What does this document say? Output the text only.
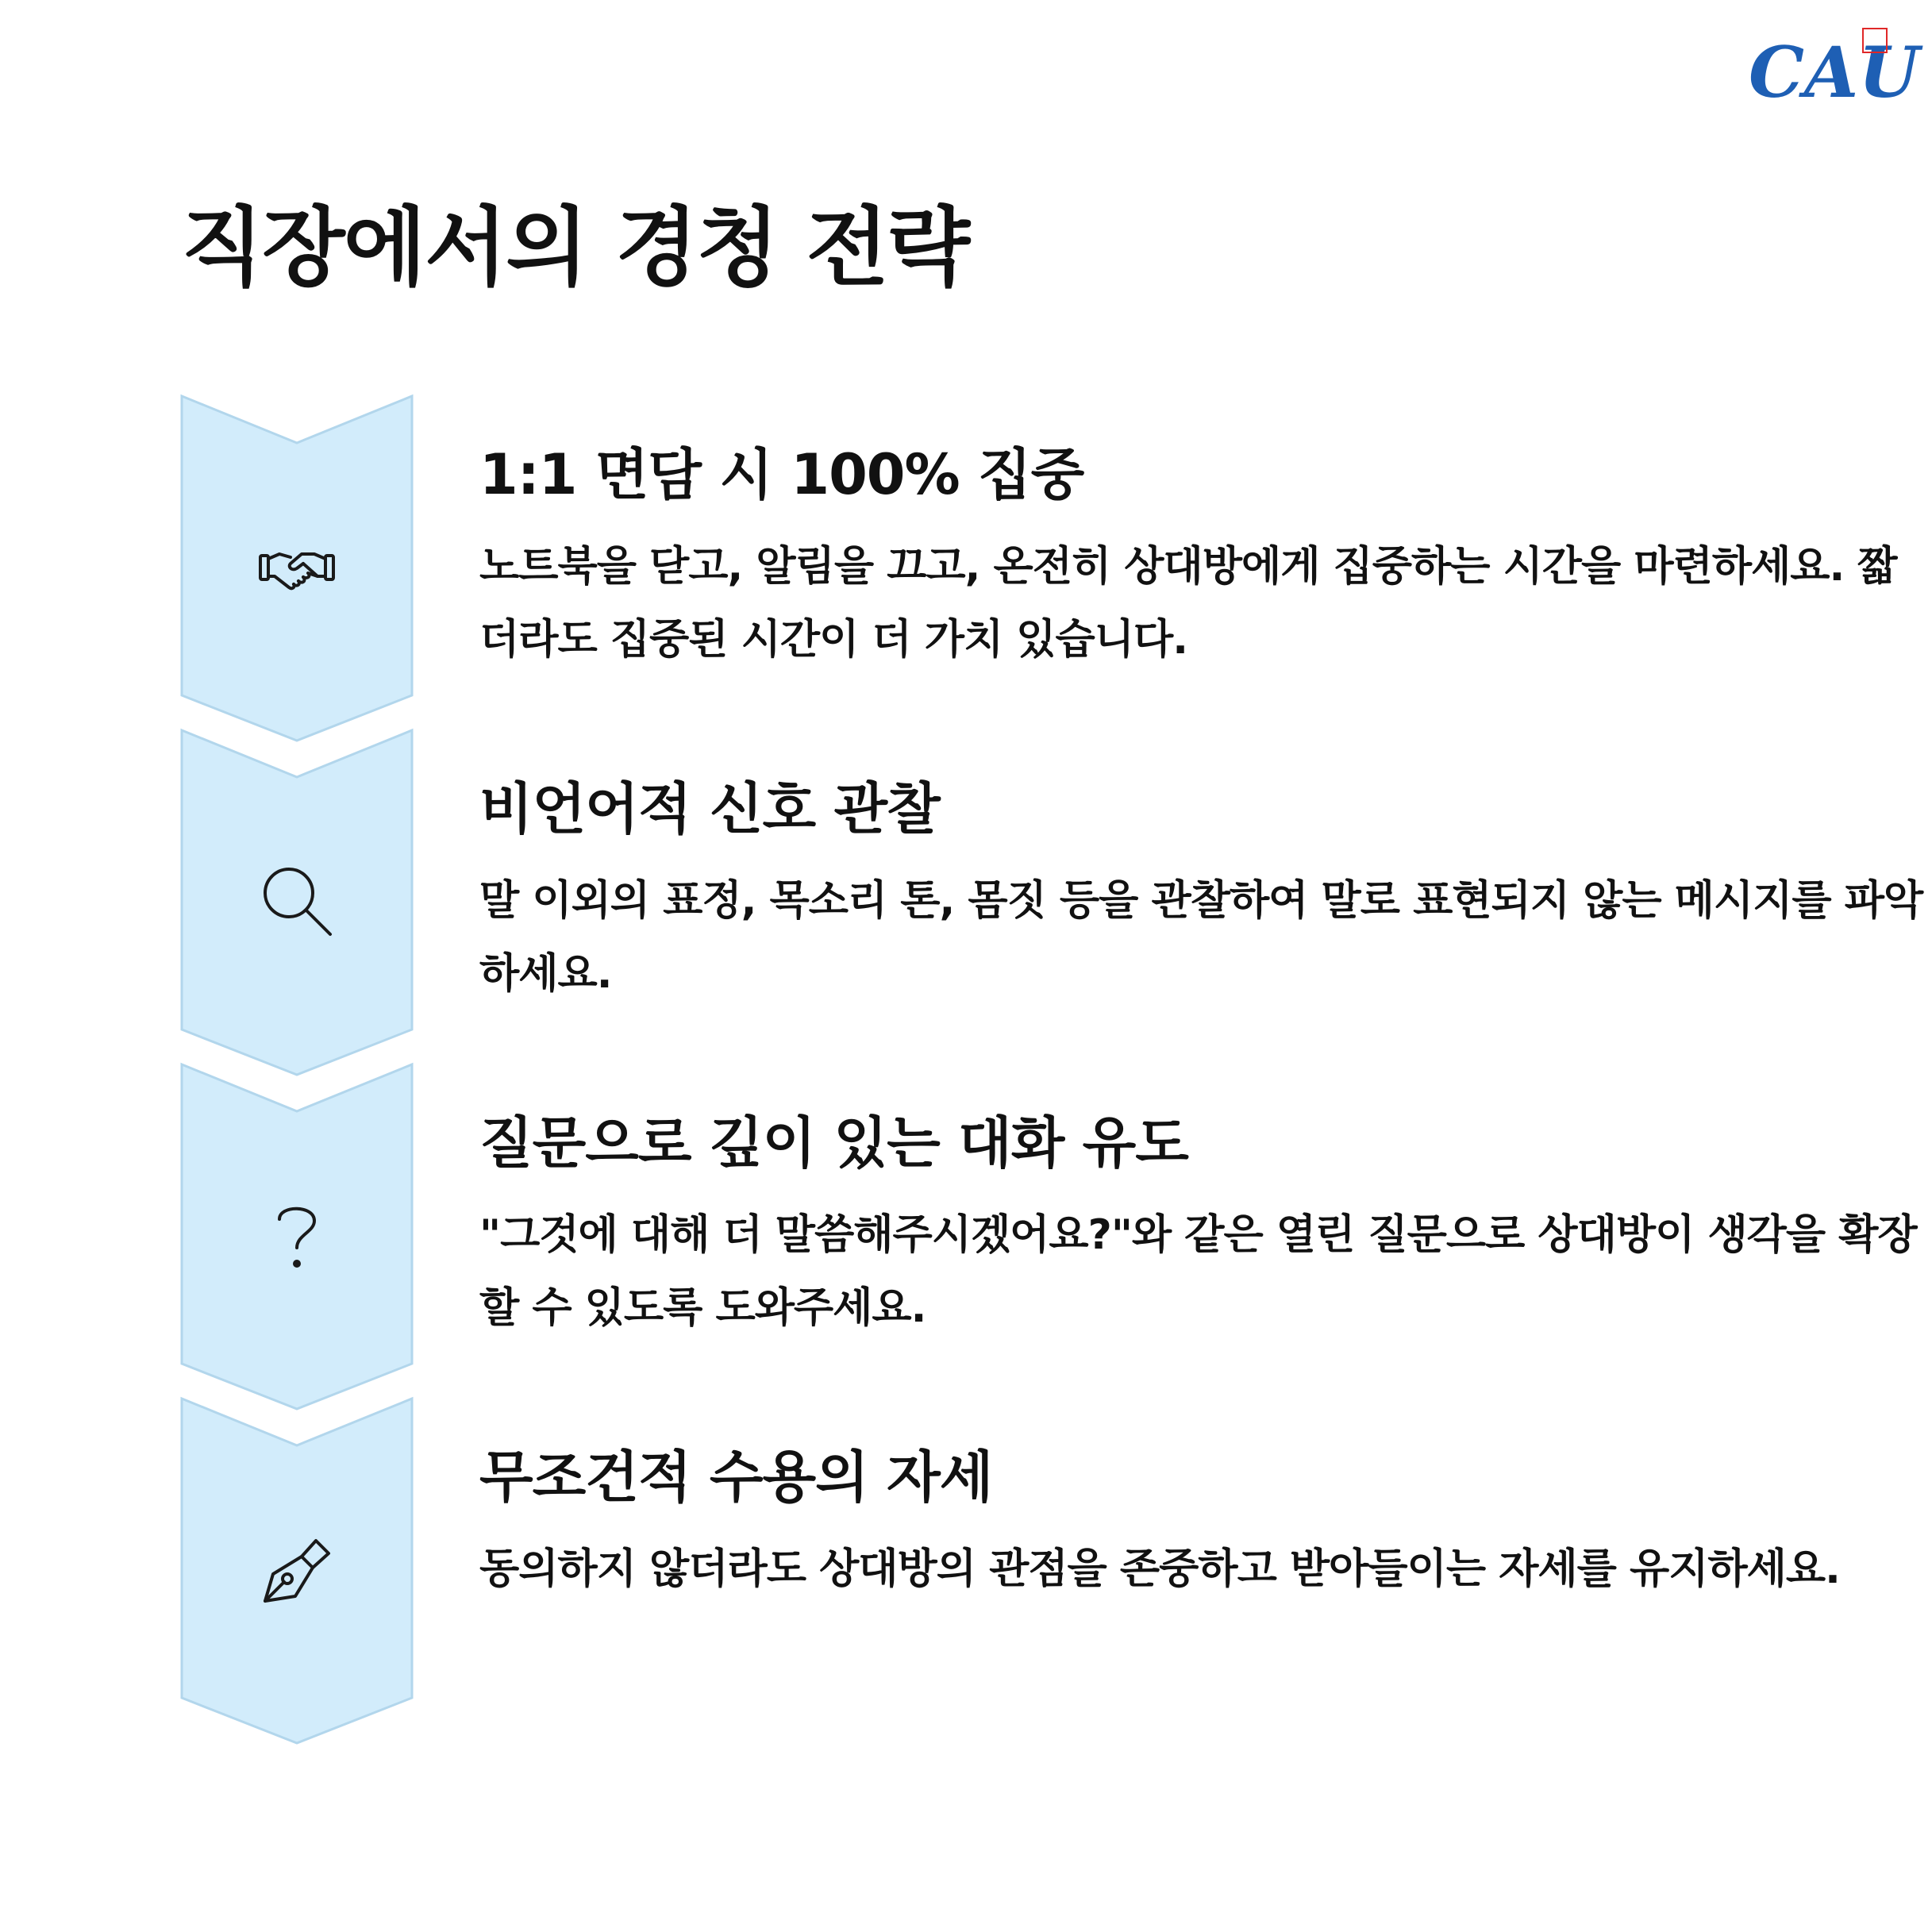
CAU
직장에서의 경청 전략
1:1 면담 시 100% 집중

노트북을 닫고, 알림을 끄고, 온전히 상대방에게 집중하는 시간을 마련하세요. 짧더라도 집중된 시간이 더 가치 있습니다.

비언어적 신호 관찰

말 이외의 표정, 목소리 톤, 몸짓 등을 관찰하여 말로 표현되지 않는 메시지를 파악하세요.

질문으로 깊이 있는 대화 유도

"그것에 대해 더 말씀해주시겠어요?"와 같은 열린 질문으로 상대방이 생각을 확장할 수 있도록 도와주세요.

무조건적 수용의 자세

동의하지 않더라도 상대방의 관점을 존중하고 받아들이는 자세를 유지하세요.
